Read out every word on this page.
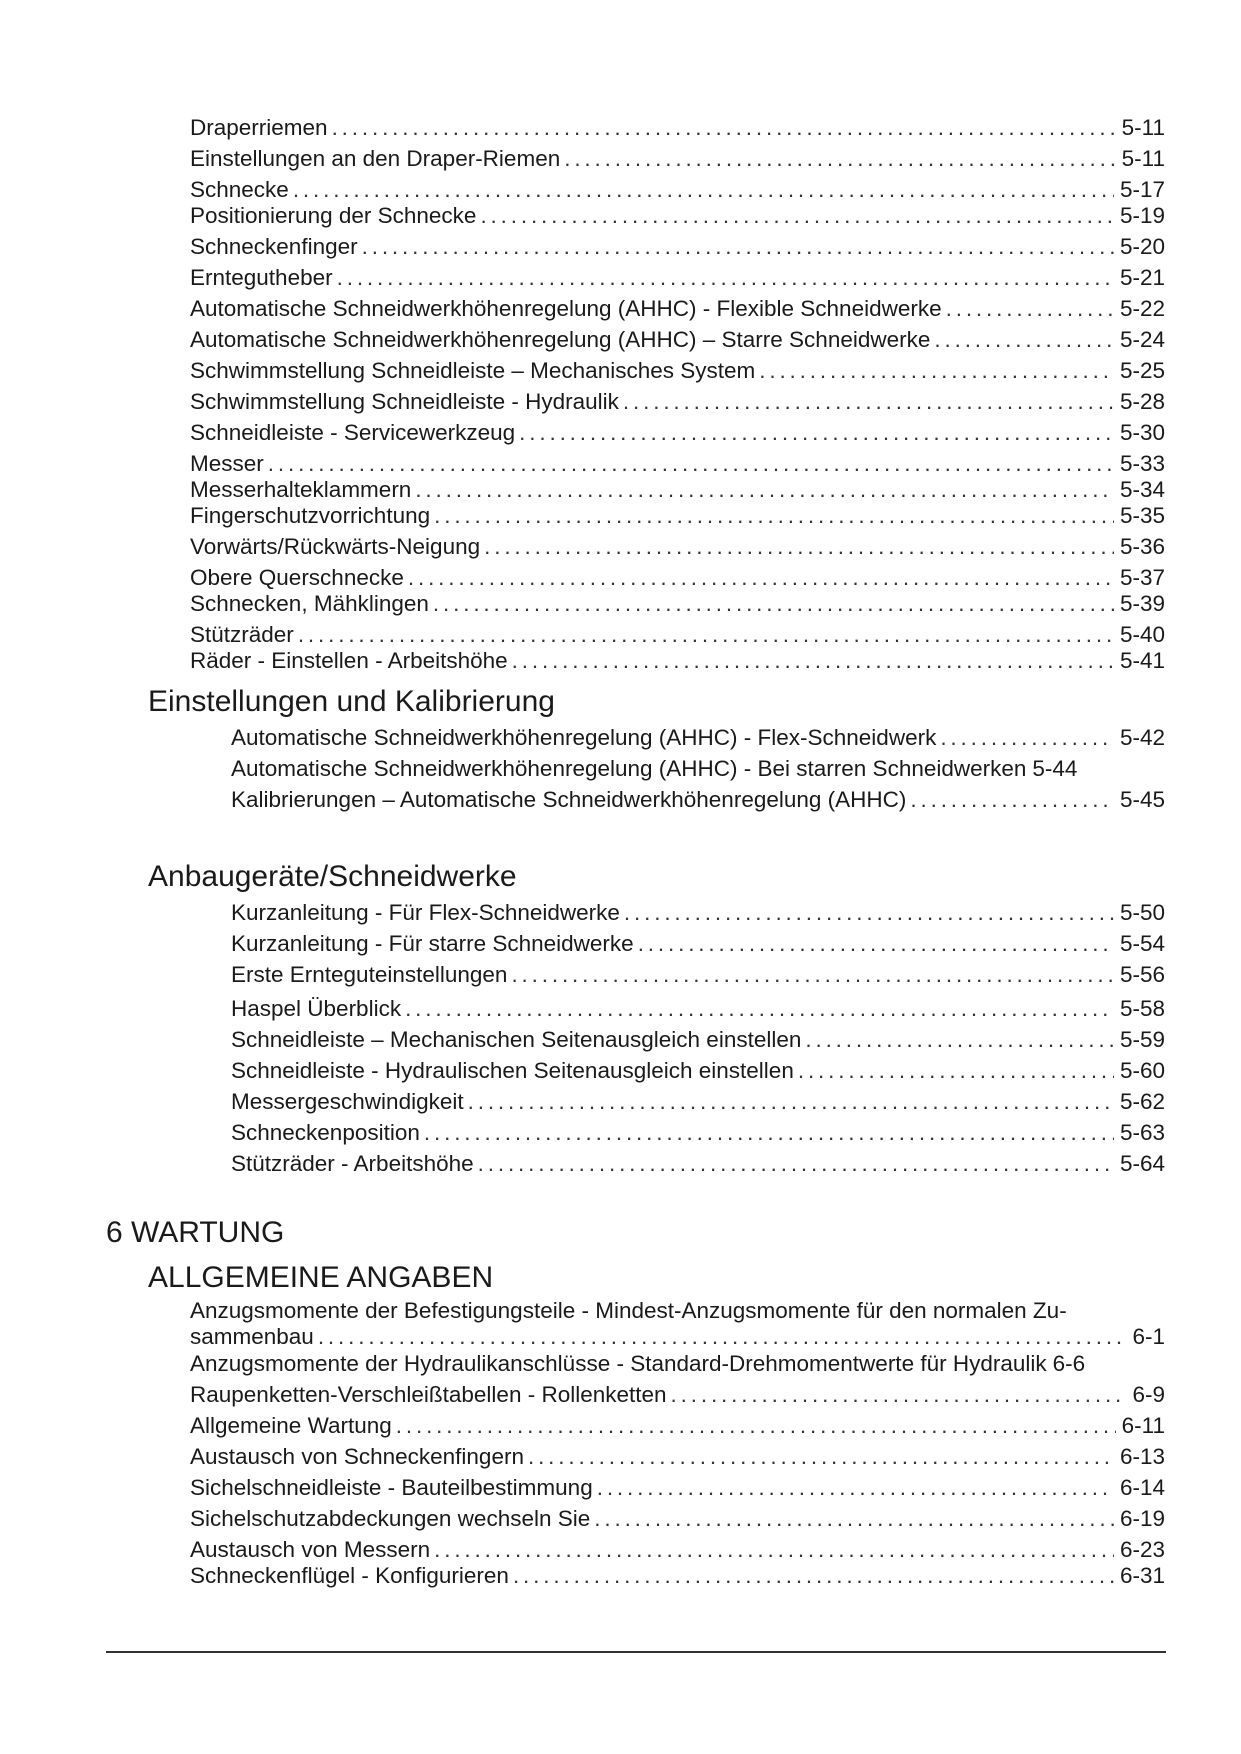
Draperriemen . . .	5-11
Einstellungen an den Draper-Riemen . . .	5-11
Schnecke . . .	5-17
Positionierung der Schnecke . . .	5-19
Schneckenfinger . . .	5-20
Erntegutheber . . .	5-21
Automatische Schneidwerkhöhenregelung (AHHC) - Flexible Schneidwerke . . .	5-22
Automatische Schneidwerkhöhenregelung (AHHC) – Starre Schneidwerke . . .	5-24
Schwimmstellung Schneidleiste – Mechanisches System . . .	5-25
Schwimmstellung Schneidleiste - Hydraulik . . .	5-28
Schneidleiste - Servicewerkzeug . . .	5-30
Messer . . .	5-33
Messerhalteklammern . . .	5-34
Fingerschutzvorrichtung . . .	5-35
Vorwärts/Rückwärts-Neigung . . .	5-36
Obere Querschnecke . . .	5-37
Schnecken, Mähklingen . . .	5-39
Stützräder . . .	5-40
Räder - Einstellen - Arbeitshöhe . . .	5-41
Einstellungen und Kalibrierung
Automatische Schneidwerkhöhenregelung (AHHC) - Flex-Schneidwerk . . .	5-42
Automatische Schneidwerkhöhenregelung (AHHC) - Bei starren Schneidwerken 5-44
Kalibrierungen – Automatische Schneidwerkhöhenregelung (AHHC) . . .	5-45
Anbaugeräte/Schneidwerke
Kurzanleitung - Für Flex-Schneidwerke . . .	5-50
Kurzanleitung - Für starre Schneidwerke . . .	5-54
Erste Ernteguteinstellungen . . .	5-56
Haspel Überblick . . .	5-58
Schneidleiste – Mechanischen Seitenausgleich einstellen . . .	5-59
Schneidleiste - Hydraulischen Seitenausgleich einstellen . . .	5-60
Messergeschwindigkeit . . .	5-62
Schneckenposition . . .	5-63
Stützräder - Arbeitshöhe . . .	5-64
6 WARTUNG
ALLGEMEINE ANGABEN
Anzugsmomente der Befestigungsteile - Mindest-Anzugsmomente für den normalen Zu-
sammenbau . . .	6-1
Anzugsmomente der Hydraulikanschlüsse - Standard-Drehmomentwerte für Hydraulik 6-6
Raupenketten-Verschleißtabellen - Rollenketten . . .	6-9
Allgemeine Wartung . . .	6-11
Austausch von Schneckenfingern . . .	6-13
Sichelschneidleiste - Bauteilbestimmung . . .	6-14
Sichelschutzabdeckungen wechseln Sie . . .	6-19
Austausch von Messern . . .	6-23
Schneckenflügel - Konfigurieren . . .	6-31
